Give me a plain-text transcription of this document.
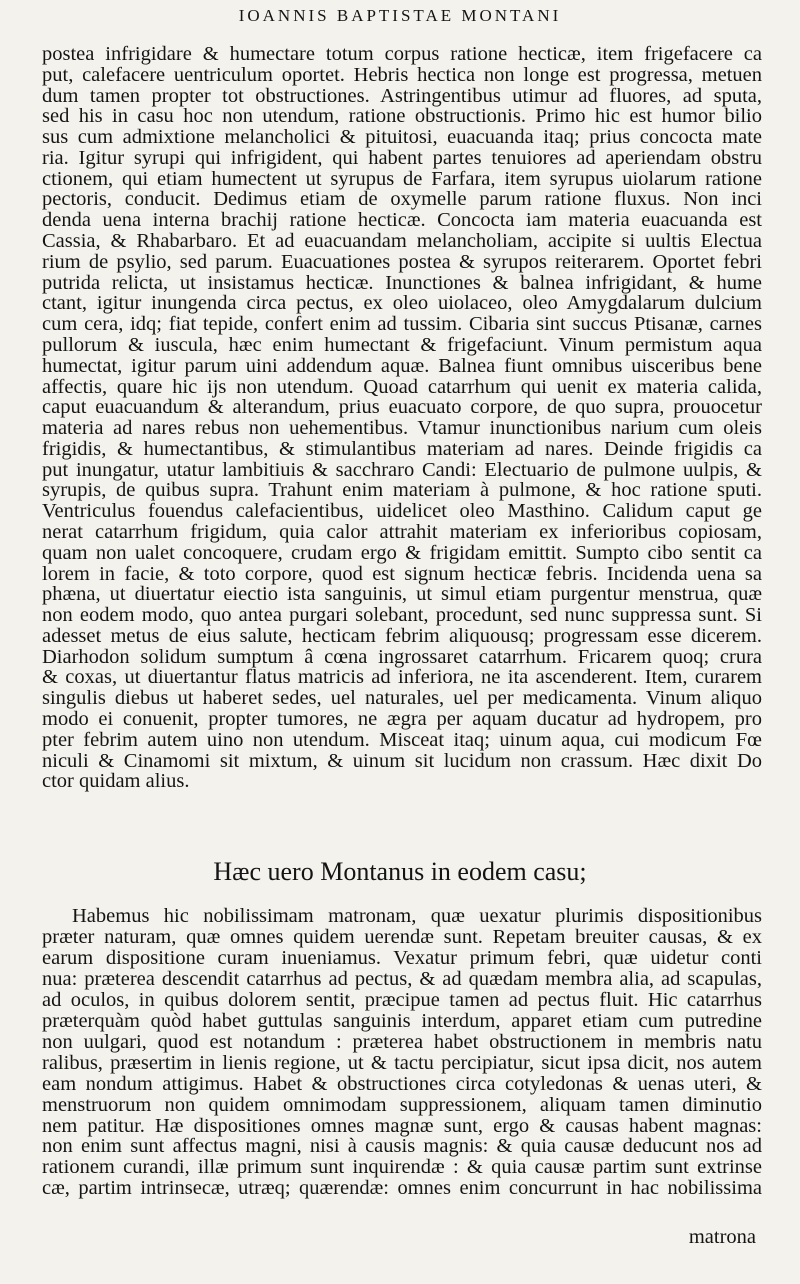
IOANNIS BAPTISTAE MONTANI
postea infrigidare & humectare totum corpus ratione hecticæ, item frigefacere ca
put, calefacere uentriculum oportet. Hebris hectica non longe est progressa, metuen
dum tamen propter tot obstructiones. Astringentibus utimur ad fluores, ad sputa,
sed his in casu hoc non utendum, ratione obstructionis. Primo hic est humor bilio
sus cum admixtione melancholici & pituitosi, euacuanda itaq; prius concocta mate
ria. Igitur syrupi qui infrigident, qui habent partes tenuiores ad aperiendam obstru
ctionem, qui etiam humectent ut syrupus de Farfara, item syrupus uiolarum ratione
pectoris, conducit. Dedimus etiam de oxymelle parum ratione fluxus. Non inci
denda uena interna brachij ratione hecticæ. Concocta iam materia euacuanda est
Cassia, & Rhabarbaro. Et ad euacuandam melancholiam, accipite si uultis Electua
rium de psylio, sed parum. Euacuationes postea & syrupos reiterarem. Oportet febri
putrida relicta, ut insistamus hecticæ. Inunctiones & balnea infrigidant, & hume
ctant, igitur inungenda circa pectus, ex oleo uiolaceo, oleo Amygdalarum dulcium
cum cera, idq; fiat tepide, confert enim ad tussim. Cibaria sint succus Ptisanæ, carnes
pullorum & iuscula, hæc enim humectant & frigefaciunt. Vinum permistum aqua
humectat, igitur parum uini addendum aquæ. Balnea fiunt omnibus uisceribus bene
affectis, quare hic ijs non utendum. Quoad catarrhum qui uenit ex materia calida,
caput euacuandum & alterandum, prius euacuato corpore, de quo supra, prouocetur
materia ad nares rebus non uehementibus. Vtamur inunctionibus narium cum oleis
frigidis, & humectantibus, & stimulantibus materiam ad nares. Deinde frigidis ca
put inungatur, utatur lambitiuis & sacchraro Candi: Electuario de pulmone uulpis, &
syrupis, de quibus supra. Trahunt enim materiam à pulmone, & hoc ratione sputi.
Ventriculus fouendus calefacientibus, uidelicet oleo Masthino. Calidum caput ge
nerat catarrhum frigidum, quia calor attrahit materiam ex inferioribus copiosam,
quam non ualet concoquere, crudam ergo & frigidam emittit. Sumpto cibo sentit ca
lorem in facie, & toto corpore, quod est signum hecticæ febris. Incidenda uena sa
phæna, ut diuertatur eiectio ista sanguinis, ut simul etiam purgentur menstrua, quæ
non eodem modo, quo antea purgari solebant, procedunt, sed nunc suppressa sunt. Si
adesset metus de eius salute, hecticam febrim aliquousq; progressam esse dicerem.
Diarhodon solidum sumptum â cœna ingrossaret catarrhum. Fricarem quoq; crura
& coxas, ut diuertantur flatus matricis ad inferiora, ne ita ascenderent. Item, curarem
singulis diebus ut haberet sedes, uel naturales, uel per medicamenta. Vinum aliquo
modo ei conuenit, propter tumores, ne ægra per aquam ducatur ad hydropem, pro
pter febrim autem uino non utendum. Misceat itaq; uinum aqua, cui modicum Fœ
niculi & Cinamomi sit mixtum, & uinum sit lucidum non crassum. Hæc dixit Do
ctor quidam alius.
Hæc uero Montanus in eodem casu;
Habemus hic nobilissimam matronam, quæ uexatur plurimis dispositionibus
præter naturam, quæ omnes quidem uerendæ sunt. Repetam breuiter causas, & ex
earum dispositione curam inueniamus. Vexatur primum febri, quæ uidetur conti
nua: præterea descendit catarrhus ad pectus, & ad quædam membra alia, ad scapulas,
ad oculos, in quibus dolorem sentit, præcipue tamen ad pectus fluit. Hic catarrhus
præterquàm quòd habet guttulas sanguinis interdum, apparet etiam cum putredine
non uulgari, quod est notandum : præterea habet obstructionem in membris natu
ralibus, præsertim in lienis regione, ut & tactu percipiatur, sicut ipsa dicit, nos autem
eam nondum attigimus. Habet & obstructiones circa cotyledonas & uenas uteri, &
menstruorum non quidem omnimodam suppressionem, aliquam tamen diminutio
nem patitur. Hæ dispositiones omnes magnæ sunt, ergo & causas habent magnas:
non enim sunt affectus magni, nisi à causis magnis: & quia causæ deducunt nos ad
rationem curandi, illæ primum sunt inquirendæ : & quia causæ partim sunt extrinse
cæ, partim intrinsecæ, utræq; quærendæ: omnes enim concurrunt in hac nobilissima
matrona
